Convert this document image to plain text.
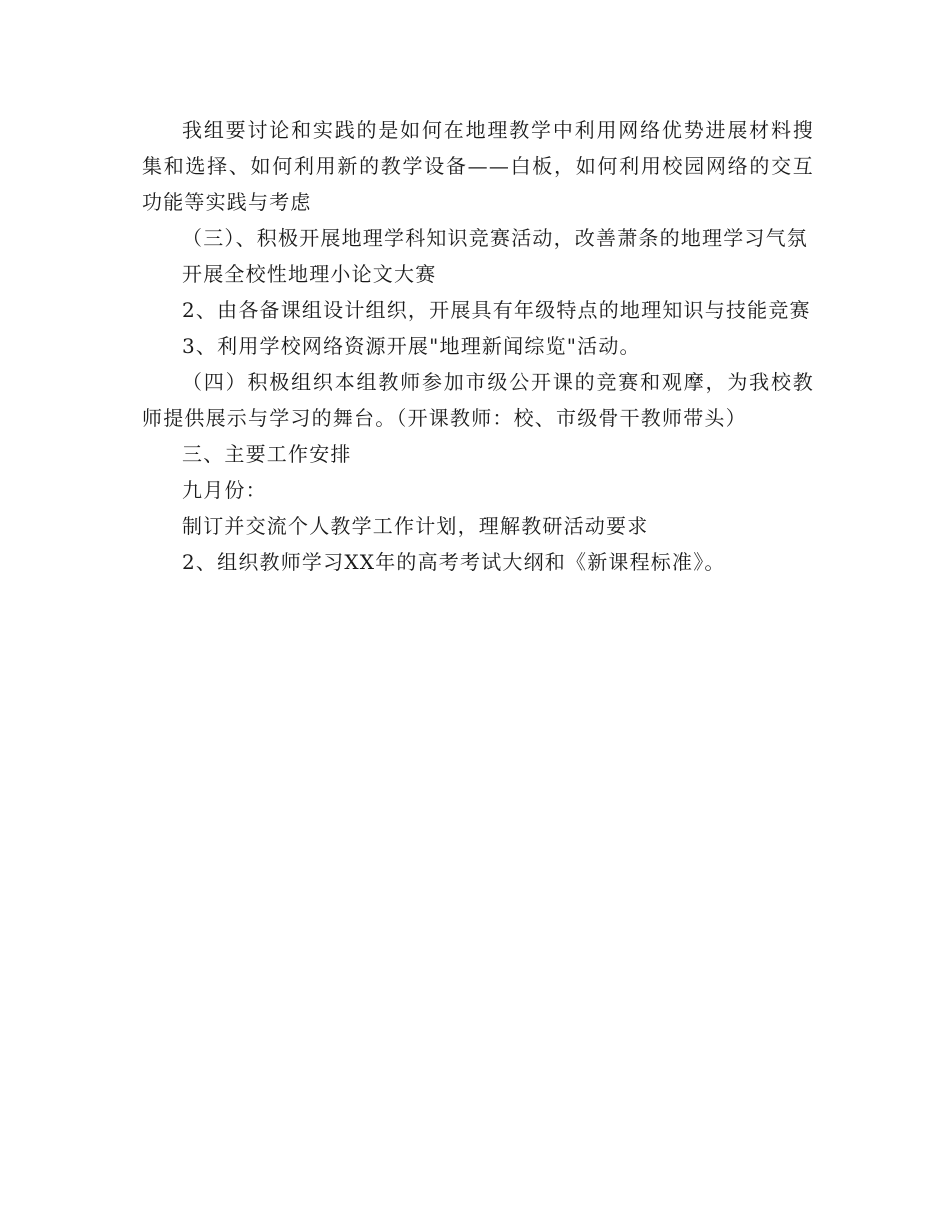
我组要讨论和实践的是如何在地理教学中利用网络优势进展材料搜集和选择、如何利用新的教学设备——白板，如何利用校园网络的交互功能等实践与考虑

（三）、积极开展地理学科知识竞赛活动，改善萧条的地理学习气氛

开展全校性地理小论文大赛

2、由各备课组设计组织，开展具有年级特点的地理知识与技能竞赛

3、利用学校网络资源开展"地理新闻综览"活动。

（四）积极组织本组教师参加市级公开课的竞赛和观摩，为我校教师提供展示与学习的舞台。（开课教师：校、市级骨干教师带头）

三、主要工作安排

九月份：

制订并交流个人教学工作计划，理解教研活动要求

2、组织教师学习XX年的高考考试大纲和《新课程标准》。
